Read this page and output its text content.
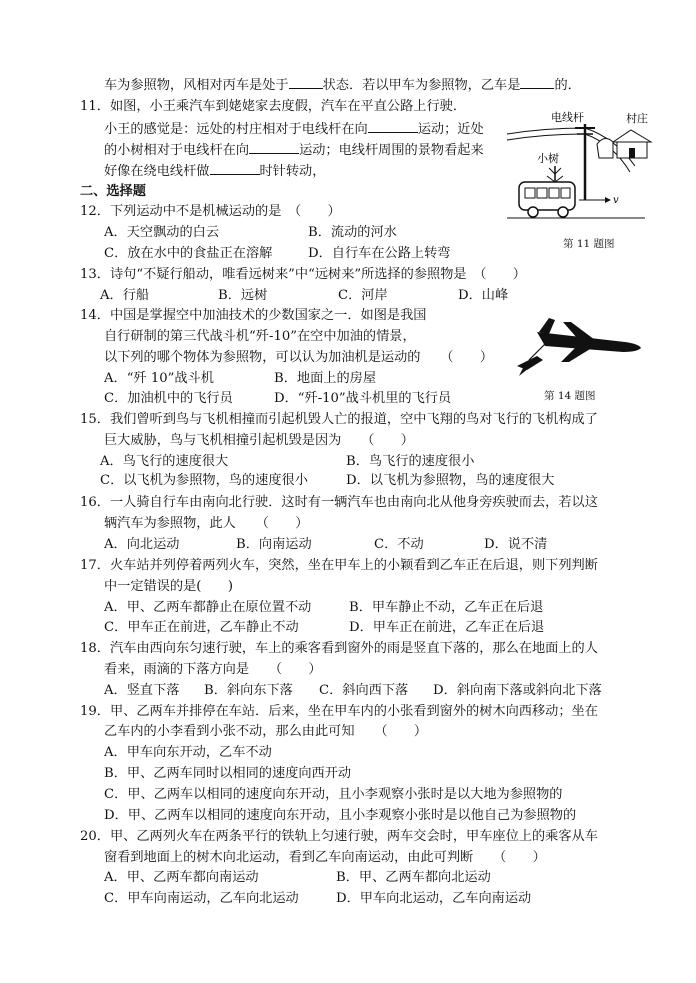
车为参照物，风相对丙车是处于	状态．若以甲车为参照物，乙车是	的．
11．如图，小王乘汽车到姥姥家去度假，汽车在平直公路上行驶．
小王的感觉是：远处的村庄相对于电线杆在向	运动；近处
的小树相对于电线杆在向	运动；电线杆周围的景物看起来
好像在绕电线杆做	时针转动，
电线杆	村庄
小树
v
第 11 题图
二、选择题
12．下列运动中不是机械运动的是　（　　）
A．天空飘动的白云	B．流动的河水
C．放在水中的食盐正在溶解	D．自行车在公路上转弯
13．诗句“不疑行船动，唯看远树来”中“远树来”所选择的参照物是　（　　）
A．行船	B．远树	C．河岸	D．山峰
14．中国是掌握空中加油技术的少数国家之一．如图是我国
自行研制的第三代战斗机“歼-10”在空中加油的情景，
以下列的哪个物体为参照物，可以认为加油机是运动的　　（　　）
A．“歼 10”战斗机	B．地面上的房屋
C．加油机中的飞行员	D．“歼-10”战斗机里的飞行员	第 14 题图
15．我们曾听到鸟与飞机相撞而引起机毁人亡的报道，空中飞翔的鸟对飞行的飞机构成了
巨大威胁，鸟与飞机相撞引起机毁是因为　　（　　）
A．鸟飞行的速度很大	B．鸟飞行的速度很小
C．以飞机为参照物，鸟的速度很小	D．以飞机为参照物，鸟的速度很大
16．一人骑自行车由南向北行驶．这时有一辆汽车也由南向北从他身旁疾驶而去，若以这
辆汽车为参照物，此人　　（　　）
A．向北运动	B．向南运动	C．不动	D．说不清
17．火车站并列停着两列火车，突然，坐在甲车上的小颖看到乙车正在后退，则下列判断
中一定错误的是(　　)
A．甲、乙两车都静止在原位置不动	B．甲车静止不动，乙车正在后退
C．甲车正在前进，乙车静止不动	D．甲车正在前进，乙车正在后退
18．汽车由西向东匀速行驶，车上的乘客看到窗外的雨是竖直下落的，那么在地面上的人
看来，雨滴的下落方向是　　（　　）
A．竖直下落 B．斜向东下落 C．斜向西下落 D．斜向南下落或斜向北下落
19．甲、乙两车并排停在车站．后来，坐在甲车内的小张看到窗外的树木向西移动；坐在
乙车内的小李看到小张不动，那么由此可知　　（　　）
A．甲车向东开动，乙车不动
B．甲、乙两车同时以相同的速度向西开动
C．甲、乙两车以相同的速度向东开动，且小李观察小张时是以大地为参照物的
D．甲、乙两车以相同的速度向东开动，且小李观察小张时是以他自己为参照物的
20．甲、乙两列火车在两条平行的铁轨上匀速行驶，两车交会时，甲车座位上的乘客从车
窗看到地面上的树木向北运动，看到乙车向南运动，由此可判断　　（　　）
A．甲、乙两车都向南运动	B．甲、乙两车都向北运动
C．甲车向南运动，乙车向北运动	D．甲车向北运动，乙车向南运动
